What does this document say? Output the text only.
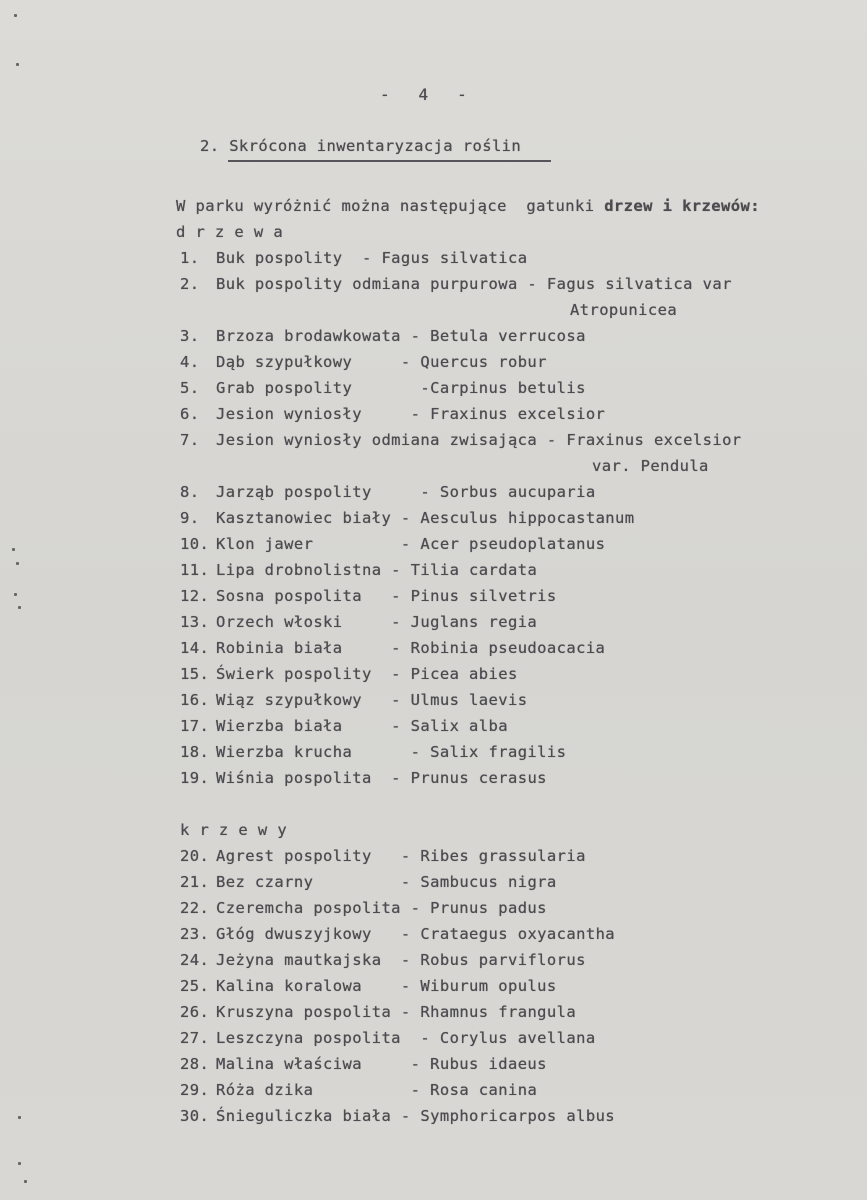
-   4   -
2. Skrócona inwentaryzacja roślin
W parku wyróżnić można następujące  gatunki drzew i krzewów:
d r z e w a
1. Buk pospolity  - Fagus silvatica
2. Buk pospolity odmiana purpurowa - Fagus silvatica var
Atropunicea
3. Brzoza brodawkowata - Betula verrucosa
4. Dąb szypułkowy     - Quercus robur
5. Grab pospolity       -Carpinus betulis
6. Jesion wyniosły     - Fraxinus excelsior
7. Jesion wyniosły odmiana zwisająca - Fraxinus excelsior
var. Pendula
8. Jarząb pospolity     - Sorbus aucuparia
9. Kasztanowiec biały - Aesculus hippocastanum
10. Klon jawer         - Acer pseudoplatanus
11. Lipa drobnolistna - Tilia cardata
12. Sosna pospolita   - Pinus silvetris
13. Orzech włoski     - Juglans regia
14. Robinia biała     - Robinia pseudoacacia
15. Świerk pospolity  - Picea abies
16. Wiąz szypułkowy   - Ulmus laevis
17. Wierzba biała     - Salix alba
18. Wierzba krucha      - Salix fragilis
19. Wiśnia pospolita  - Prunus cerasus
k r z e w y
20. Agrest pospolity   - Ribes grassularia
21. Bez czarny         - Sambucus nigra
22. Czeremcha pospolita - Prunus padus
23. Głóg dwuszyjkowy   - Crataegus oxyacantha
24. Jeżyna mautkajska  - Robus parviflorus
25. Kalina koralowa    - Wiburum opulus
26. Kruszyna pospolita - Rhamnus frangula
27. Leszczyna pospolita  - Corylus avellana
28. Malina właściwa     - Rubus idaeus
29. Róża dzika          - Rosa canina
30. Śnieguliczka biała - Symphoricarpos albus
